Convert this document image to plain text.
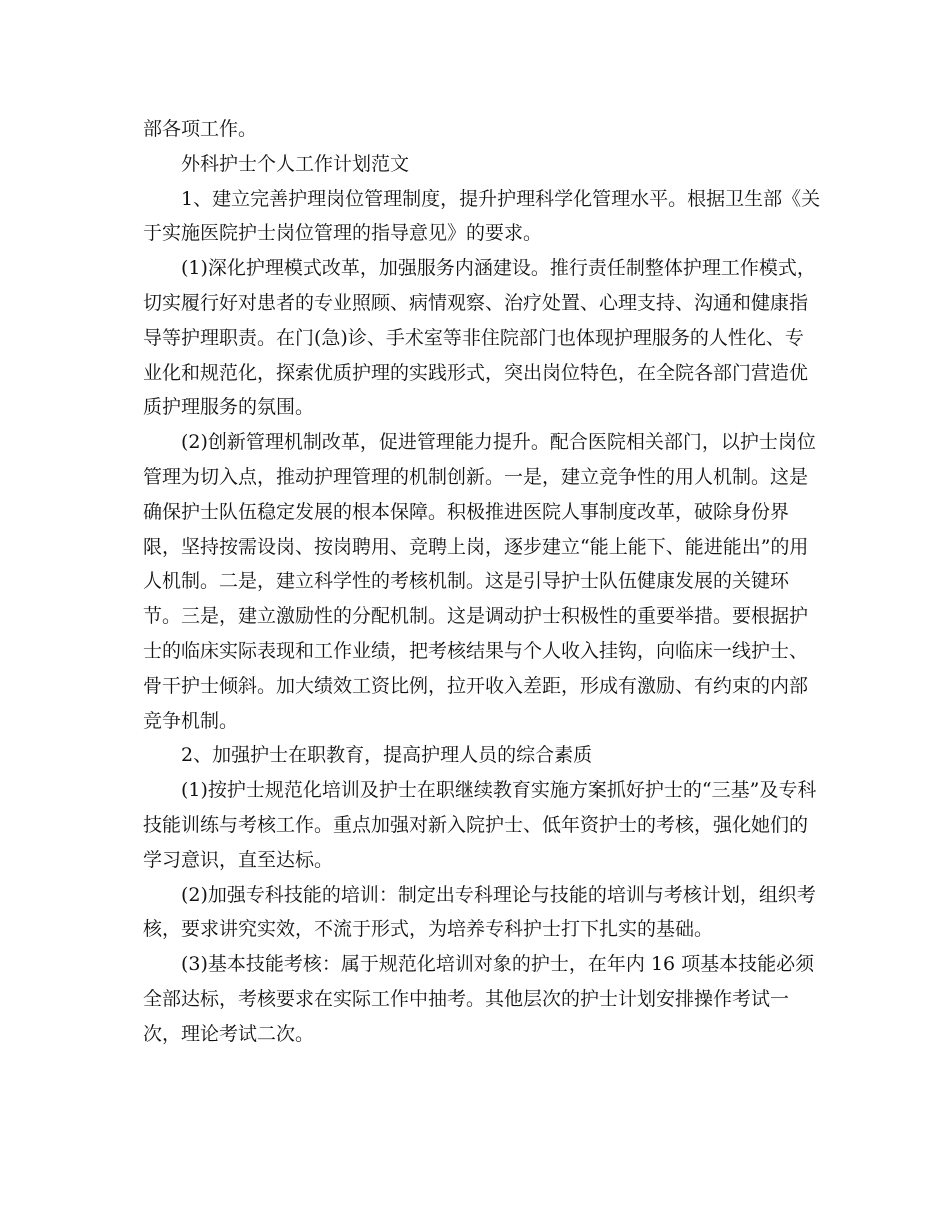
部各项工作。

外科护士个人工作计划范文

1、建立完善护理岗位管理制度，提升护理科学化管理水平。根据卫生部《关
于实施医院护士岗位管理的指导意见》的要求。

(1)深化护理模式改革，加强服务内涵建设。推行责任制整体护理工作模式，
切实履行好对患者的专业照顾、病情观察、治疗处置、心理支持、沟通和健康指
导等护理职责。在门(急)诊、手术室等非住院部门也体现护理服务的人性化、专
业化和规范化，探索优质护理的实践形式，突出岗位特色，在全院各部门营造优
质护理服务的氛围。

(2)创新管理机制改革，促进管理能力提升。配合医院相关部门，以护士岗位
管理为切入点，推动护理管理的机制创新。一是，建立竞争性的用人机制。这是
确保护士队伍稳定发展的根本保障。积极推进医院人事制度改革，破除身份界
限，坚持按需设岗、按岗聘用、竞聘上岗，逐步建立“能上能下、能进能出”的用
人机制。二是，建立科学性的考核机制。这是引导护士队伍健康发展的关键环
节。三是，建立激励性的分配机制。这是调动护士积极性的重要举措。要根据护
士的临床实际表现和工作业绩，把考核结果与个人收入挂钩，向临床一线护士、
骨干护士倾斜。加大绩效工资比例，拉开收入差距，形成有激励、有约束的内部
竞争机制。

2、加强护士在职教育，提高护理人员的综合素质

(1)按护士规范化培训及护士在职继续教育实施方案抓好护士的“三基”及专科
技能训练与考核工作。重点加强对新入院护士、低年资护士的考核，强化她们的
学习意识，直至达标。

(2)加强专科技能的培训：制定出专科理论与技能的培训与考核计划，组织考
核，要求讲究实效，不流于形式，为培养专科护士打下扎实的基础。

(3)基本技能考核：属于规范化培训对象的护士，在年内 16 项基本技能必须
全部达标，考核要求在实际工作中抽考。其他层次的护士计划安排操作考试一
次，理论考试二次。
